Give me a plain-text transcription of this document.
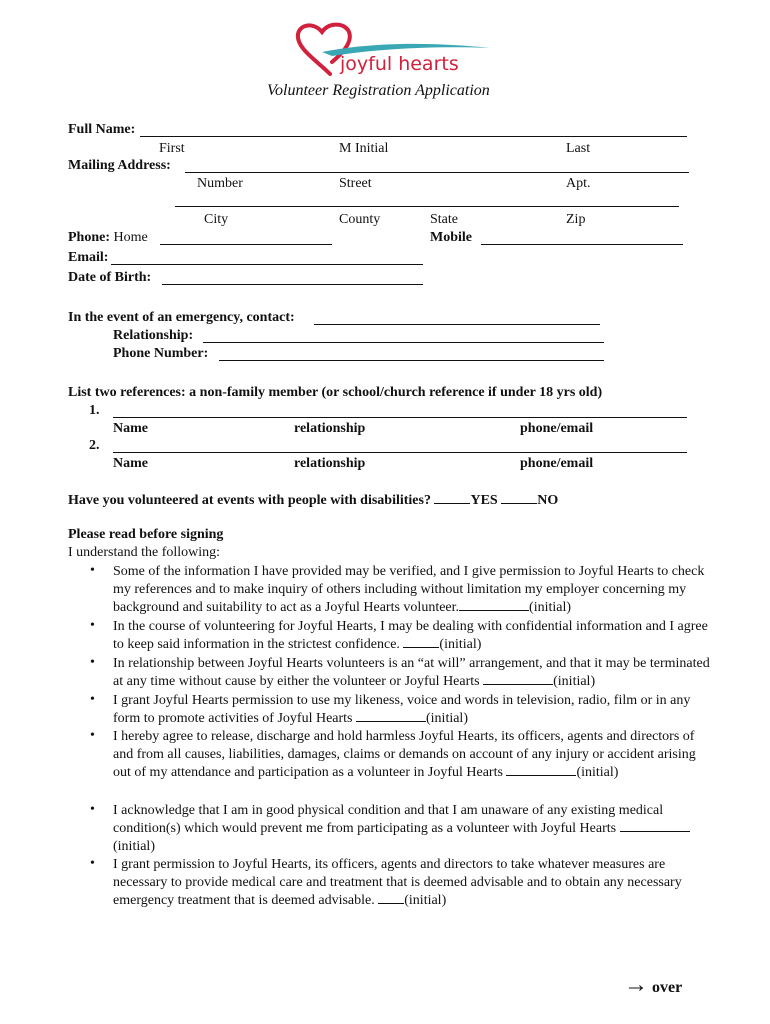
joyful hearts
Volunteer Registration Application
Full Name:
First	M Initial	Last
Mailing Address:
Number	Street	Apt.
City	County	State	Zip
Phone: Home	Mobile
Email:
Date of Birth:
In the event of an emergency, contact:
Relationship:
Phone Number:
List two references: a non-family member (or school/church reference if under 18 yrs old)
1.
Name	relationship	phone/email
2.
Name	relationship	phone/email
Have you volunteered at events with people with disabilities?	YES	NO
Please read before signing
I understand the following:
• Some of the information I have provided may be verified, and I give permission to Joyful Hearts to check my references and to make inquiry of others including without limitation my employer concerning my background and suitability to act as a Joyful Hearts volunteer.	(initial)
• In the course of volunteering for Joyful Hearts, I may be dealing with confidential information and I agree to keep said information in the strictest confidence.	(initial)
• In relationship between Joyful Hearts volunteers is an “at will” arrangement, and that it may be terminated at any time without cause by either the volunteer or Joyful Hearts	(initial)
• I grant Joyful Hearts permission to use my likeness, voice and words in television, radio, film or in any form to promote activities of Joyful Hearts	(initial)
• I hereby agree to release, discharge and hold harmless Joyful Hearts, its officers, agents and directors of and from all causes, liabilities, damages, claims or demands on account of any injury or accident arising out of my attendance and participation as a volunteer in Joyful Hearts	(initial)
• I acknowledge that I am in good physical condition and that I am unaware of any existing medical condition(s) which would prevent me from participating as a volunteer with Joyful Hearts (initial)
• I grant permission to Joyful Hearts, its officers, agents and directors to take whatever measures are necessary to provide medical care and treatment that is deemed advisable and to obtain any necessary emergency treatment that is deemed advisable. (initial)
→ over
